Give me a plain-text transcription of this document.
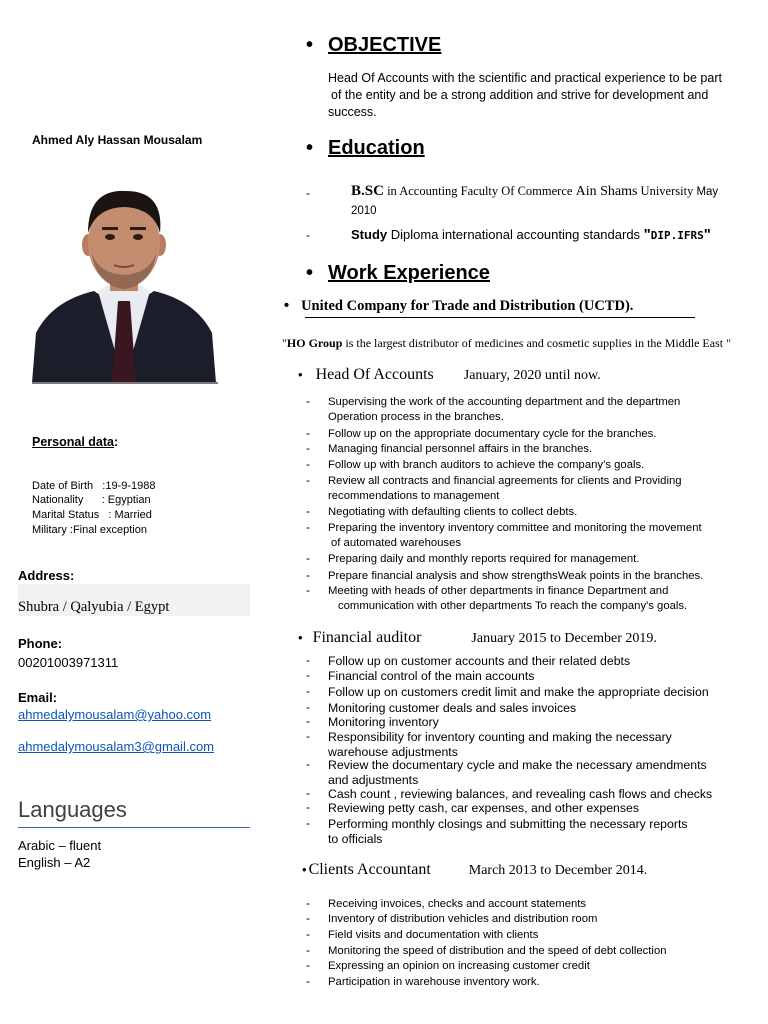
Ahmed Aly Hassan Mousalam
Personal data:
Date of Birth   :19-9-1988
Nationality      : Egyptian
Marital Status   : Married
Military :Final exception
Address:
Shubra / Qalyubia / Egypt
Phone:
00201003971311
Email:
ahmedalymousalam@yahoo.com
ahmedalymousalam3@gmail.com
Languages
Arabic – fluent
English – A2
• OBJECTIVE
Head Of Accounts with the scientific and practical experience to be part
of the entity and be a strong addition and strive for development and
success.
• Education
-	B.SC in Accounting Faculty Of Commerce Ain Shams University May
2010
-	Study Diploma international accounting standards "DIP.IFRS"
• Work Experience
• United Company for Trade and Distribution (UCTD).
"HO Group is the largest distributor of medicines and cosmetic supplies in the Middle East "
• Head Of Accounts January, 2020 until now.
- Supervising the work of the accounting department and the departmen
Operation process in the branches.
- Follow up on the appropriate documentary cycle for the branches.
- Managing financial personnel affairs in the branches.
- Follow up with branch auditors to achieve the company’s goals.
- Review all contracts and financial agreements for clients and Providing
recommendations to management
- Negotiating with defaulting clients to collect debts.
- Preparing the inventory inventory committee and monitoring the movement
of automated warehouses
- Preparing daily and monthly reports required for management.
- Prepare financial analysis and show strengthsWeak points in the branches.
- Meeting with heads of other departments in finance Department and
communication with other departments To reach the company's goals.
• Financial auditor	January 2015 to December 2019.
- Follow up on customer accounts and their related debts
- Financial control of the main accounts
- Follow up on customers credit limit and make the appropriate decision
- Monitoring customer deals and sales invoices
- Monitoring inventory
- Responsibility for inventory counting and making the necessary
warehouse adjustments
- Review the documentary cycle and make the necessary amendments
and adjustments
- Cash count , reviewing balances, and revealing cash flows and checks
- Reviewing petty cash, car expenses, and other expenses
- Performing monthly closings and submitting the necessary reports
to officials
• Clients Accountant	March 2013 to December 2014.
- Receiving invoices, checks and account statements
- Inventory of distribution vehicles and distribution room
- Field visits and documentation with clients
- Monitoring the speed of distribution and the speed of debt collection
- Expressing an opinion on increasing customer credit
- Participation in warehouse inventory work.
